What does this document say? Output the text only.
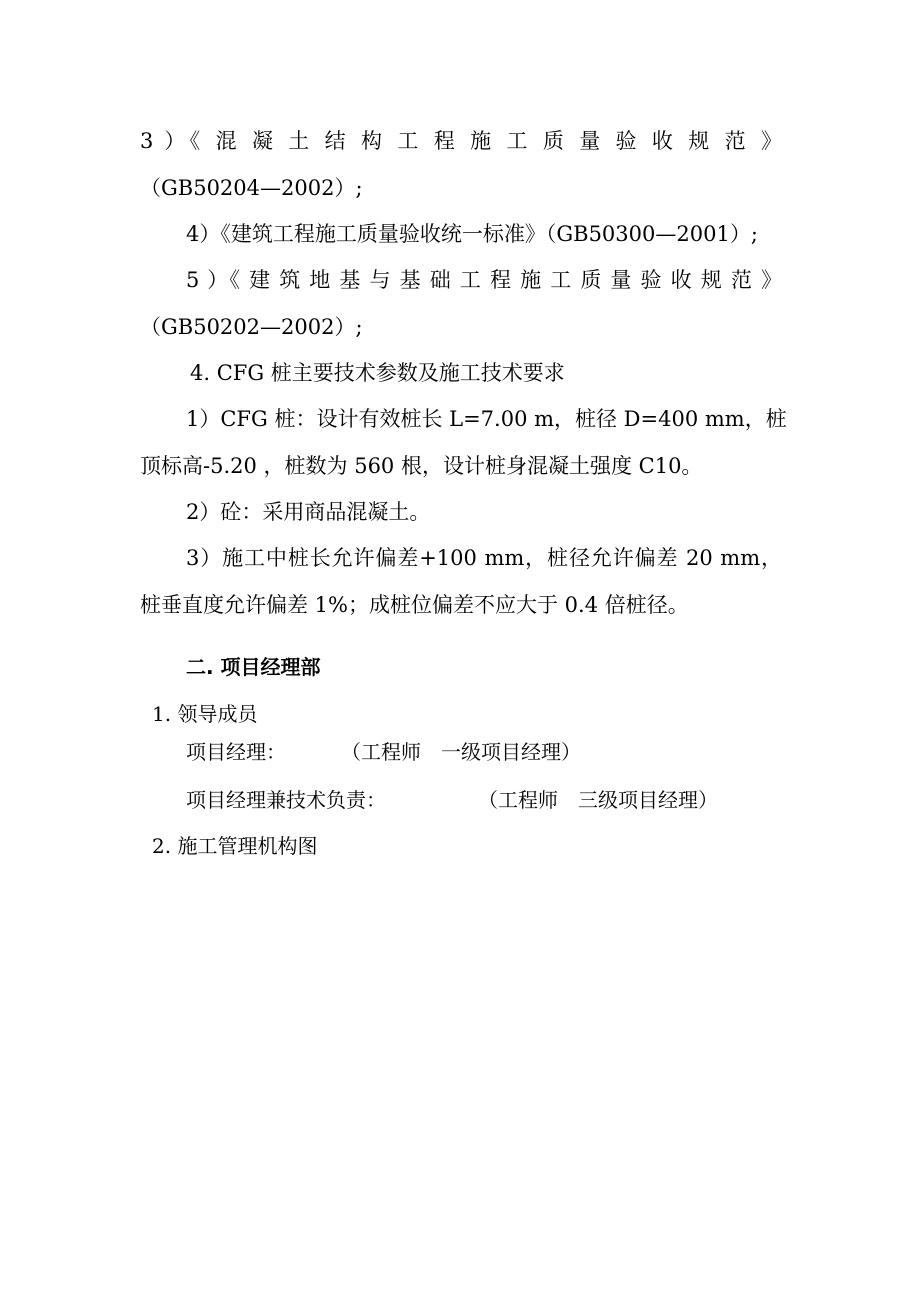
3 ）《 混 凝 土 结 构 工 程 施 工 质 量 验 收 规 范 》
（GB50204—2002）;
4）《建筑工程施工质量验收统一标准》（GB50300—2001）;
5 ）《 建 筑 地 基 与 基 础 工 程 施 工 质 量 验 收 规 范 》
（GB50202—2002）;
4. CFG 桩主要技术参数及施工技术要求
1）CFG 桩：设计有效桩长 L=7.00 m，桩径 D=400 mm，桩
顶标高-5.20 ，桩数为 560 根，设计桩身混凝土强度 C10。
2）砼：采用商品混凝土。
3）施工中桩长允许偏差+100 mm，桩径允许偏差 20 mm，
桩垂直度允许偏差 1%；成桩位偏差不应大于 0.4 倍桩径。
二. 项目经理部
1. 领导成员
项目经理：	（工程师　一级项目经理）
项目经理兼技术负责：	（工程师　三级项目经理）
2. 施工管理机构图
